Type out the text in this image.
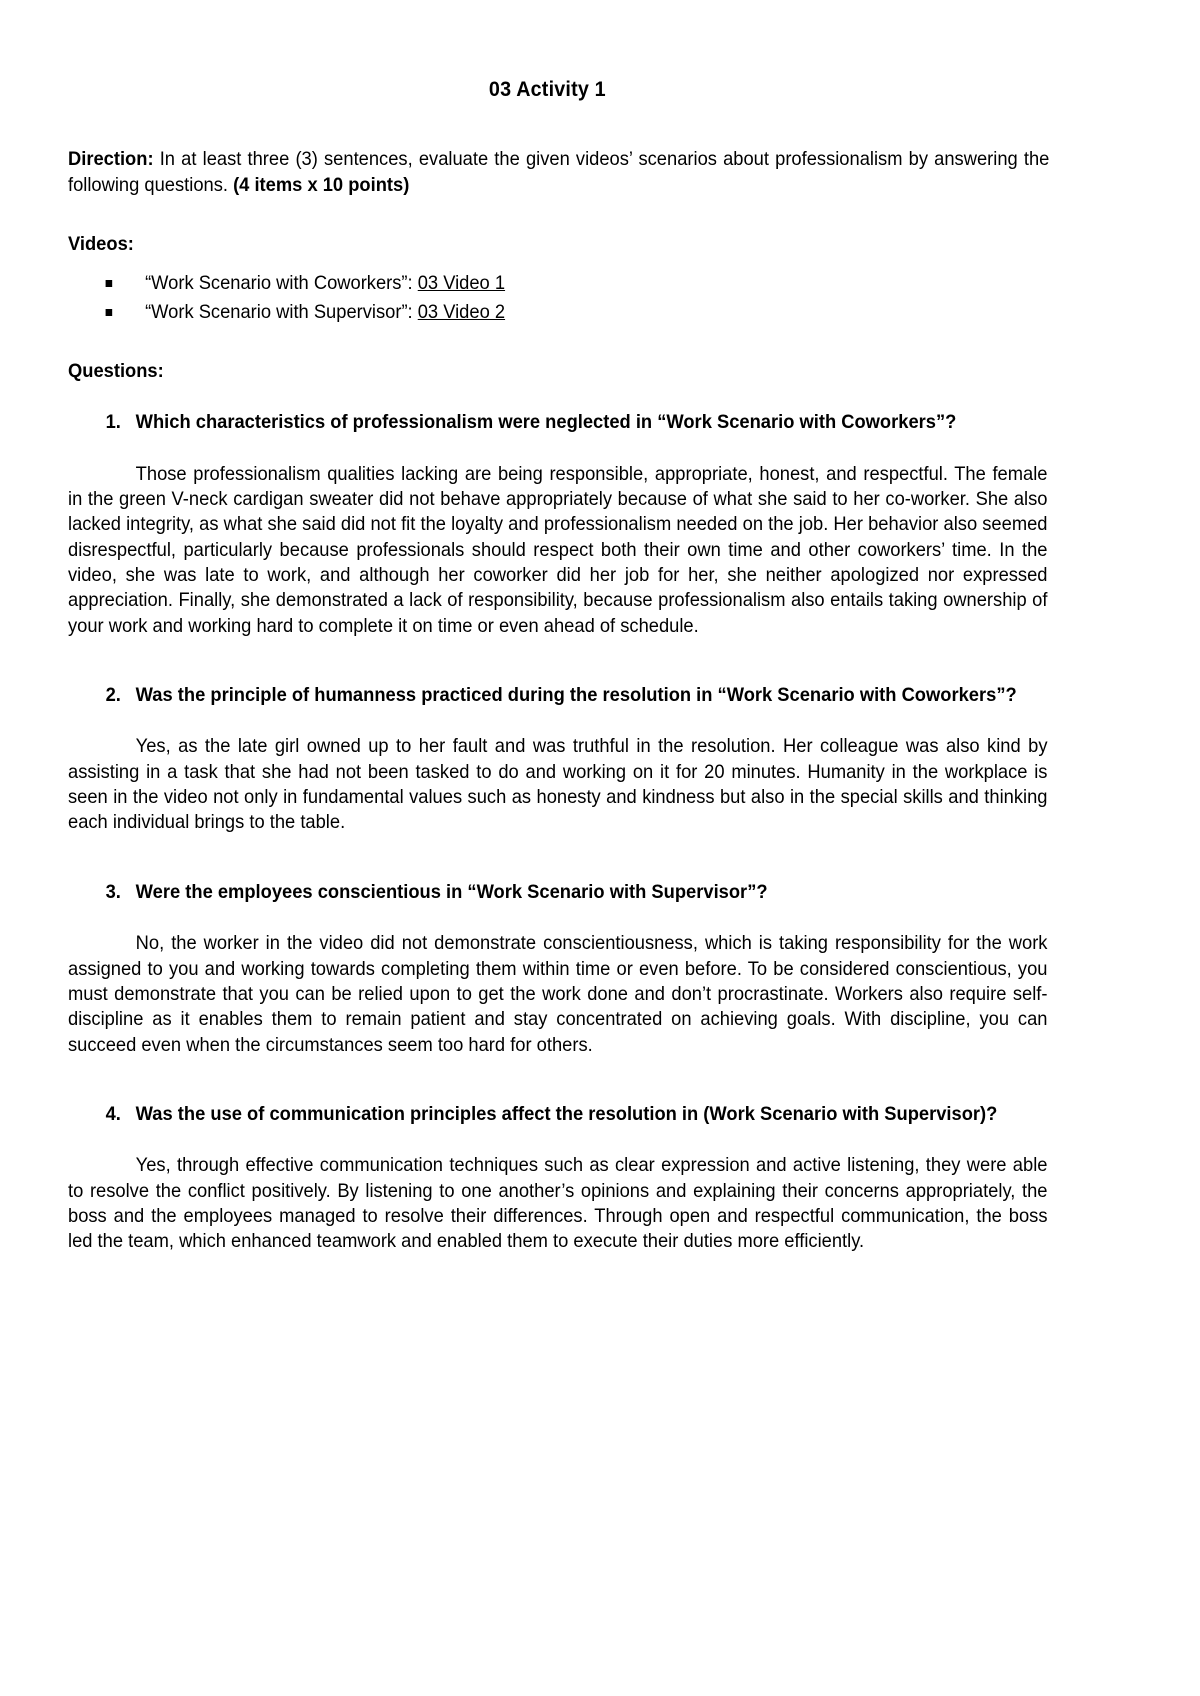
03 Activity 1

Direction: In at least three (3) sentences, evaluate the given videos’ scenarios about professionalism by answering the following questions. (4 items x 10 points)

Videos:
“Work Scenario with Coworkers”: 03 Video 1
“Work Scenario with Supervisor”: 03 Video 2
Questions:
Which characteristics of professionalism were neglected in “Work Scenario with Coworkers”?

Those professionalism qualities lacking are being responsible, appropriate, honest, and respectful. The female in the green V-neck cardigan sweater did not behave appropriately because of what she said to her co-worker. She also lacked integrity, as what she said did not fit the loyalty and professionalism needed on the job. Her behavior also seemed disrespectful, particularly because professionals should respect both their own time and other coworkers’ time. In the video, she was late to work, and although her coworker did her job for her, she neither apologized nor expressed appreciation. Finally, she demonstrated a lack of responsibility, because professionalism also entails taking ownership of your work and working hard to complete it on time or even ahead of schedule.

Was the principle of humanness practiced during the resolution in “Work Scenario with Coworkers”?

Yes, as the late girl owned up to her fault and was truthful in the resolution. Her colleague was also kind by assisting in a task that she had not been tasked to do and working on it for 20 minutes. Humanity in the workplace is seen in the video not only in fundamental values such as honesty and kindness but also in the special skills and thinking each individual brings to the table.

Were the employees conscientious in “Work Scenario with Supervisor”?

No, the worker in the video did not demonstrate conscientiousness, which is taking responsibility for the work assigned to you and working towards completing them within time or even before. To be considered conscientious, you must demonstrate that you can be relied upon to get the work done and don’t procrastinate. Workers also require self-discipline as it enables them to remain patient and stay concentrated on achieving goals. With discipline, you can succeed even when the circumstances seem too hard for others.

Was the use of communication principles affect the resolution in (Work Scenario with Supervisor)?

Yes, through effective communication techniques such as clear expression and active listening, they were able to resolve the conflict positively. By listening to one another’s opinions and explaining their concerns appropriately, the boss and the employees managed to resolve their differences. Through open and respectful communication, the boss led the team, which enhanced teamwork and enabled them to execute their duties more efficiently.
